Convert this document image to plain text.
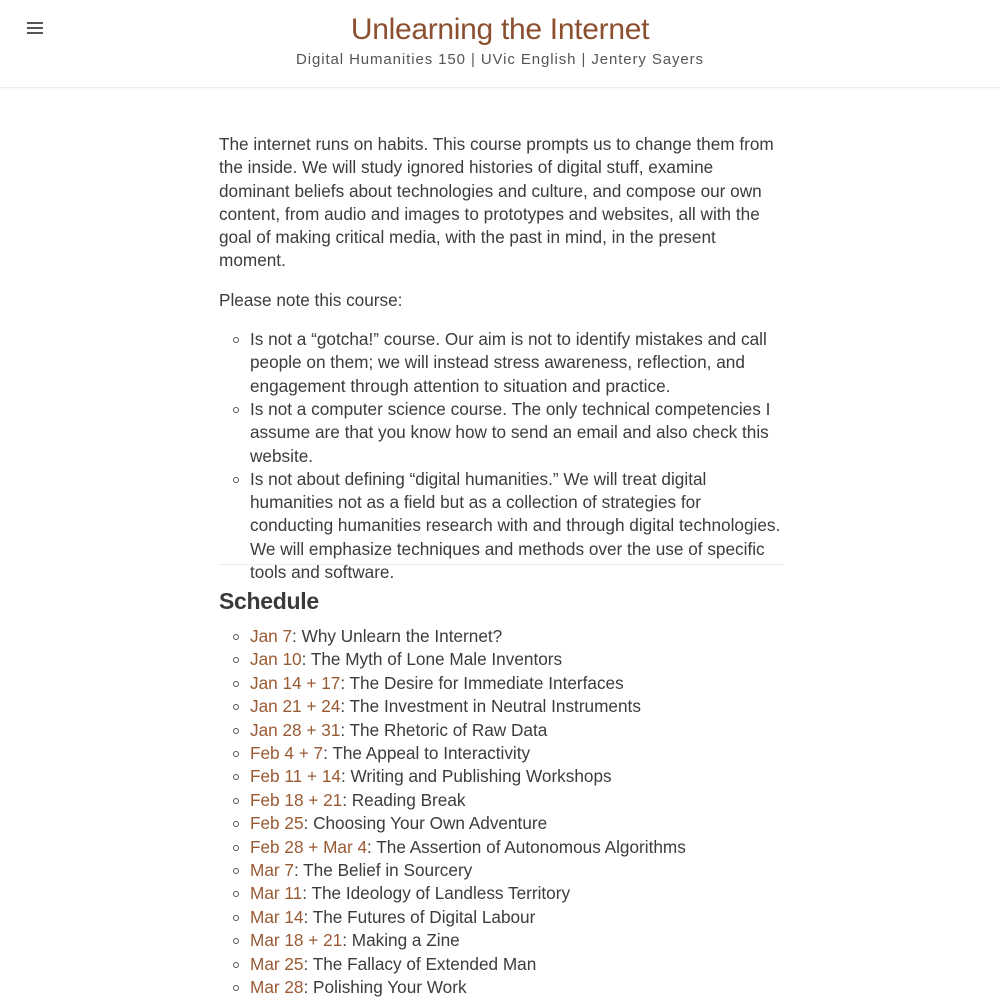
Unlearning the Internet
Digital Humanities 150 | UVic English | Jentery Sayers

The internet runs on habits. This course prompts us to change them from the inside. We will study ignored histories of digital stuff, examine dominant beliefs about technologies and culture, and compose our own content, from audio and images to prototypes and websites, all with the goal of making critical media, with the past in mind, in the present moment.

Please note this course:

Is not a “gotcha!” course. Our aim is not to identify mistakes and call people on them; we will instead stress awareness, reflection, and engagement through attention to situation and practice.
Is not a computer science course. The only technical competencies I assume are that you know how to send an email and also check this website.
Is not about defining “digital humanities.” We will treat digital humanities not as a field but as a collection of strategies for conducting humanities research with and through digital technologies. We will emphasize techniques and methods over the use of specific tools and software.
Schedule
Jan 7: Why Unlearn the Internet?
Jan 10: The Myth of Lone Male Inventors
Jan 14 + 17: The Desire for Immediate Interfaces
Jan 21 + 24: The Investment in Neutral Instruments
Jan 28 + 31: The Rhetoric of Raw Data
Feb 4 + 7: The Appeal to Interactivity
Feb 11 + 14: Writing and Publishing Workshops
Feb 18 + 21: Reading Break
Feb 25: Choosing Your Own Adventure
Feb 28 + Mar 4: The Assertion of Autonomous Algorithms
Mar 7: The Belief in Sourcery
Mar 11: The Ideology of Landless Territory
Mar 14: The Futures of Digital Labour
Mar 18 + 21: Making a Zine
Mar 25: The Fallacy of Extended Man
Mar 28: Polishing Your Work
